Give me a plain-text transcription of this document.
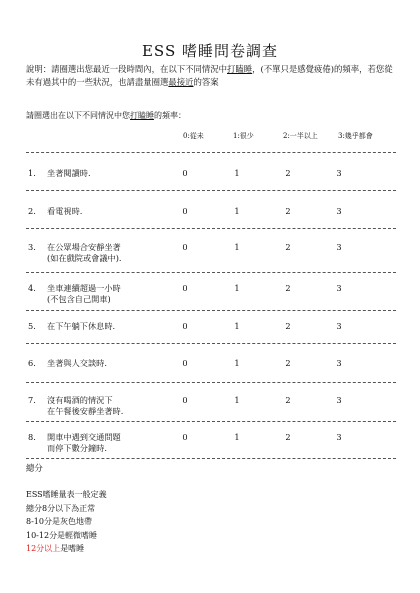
ESS 嗜睡問卷調查
說明：請圈選出您最近一段時間內，在以下不同情況中打瞌睡，(不單只是感覺疲倦)的頻率，若您從未有過其中的一些狀況，也請盡量圈選最接近的答案
請圈選出在以下不同情況中您打瞌睡的頻率：
0:從未	1:很少	2:一半以上	3:幾乎都會
1.	坐著閱讀時.	0	1	2	3
2.	看電視時.	0	1	2	3
3.	在公眾場合安靜坐著
(如在戲院或會議中).
0	1	2	3
4.	坐車連續超過一小時
(不包含自己開車)
0	1	2	3
5.	在下午躺下休息時.	0	1	2	3
6.	坐著與人交談時.	0	1	2	3
7.	沒有喝酒的情況下
在午餐後安靜坐著時.
0	1	2	3
8.	開車中遇到交通問題
而停下數分鐘時.
0	1	2	3
總分
ESS嗜睡量表一般定義
總分8分以下為正常
8-10分是灰色地帶
10-12分是輕微嗜睡
12分以上是嗜睡
